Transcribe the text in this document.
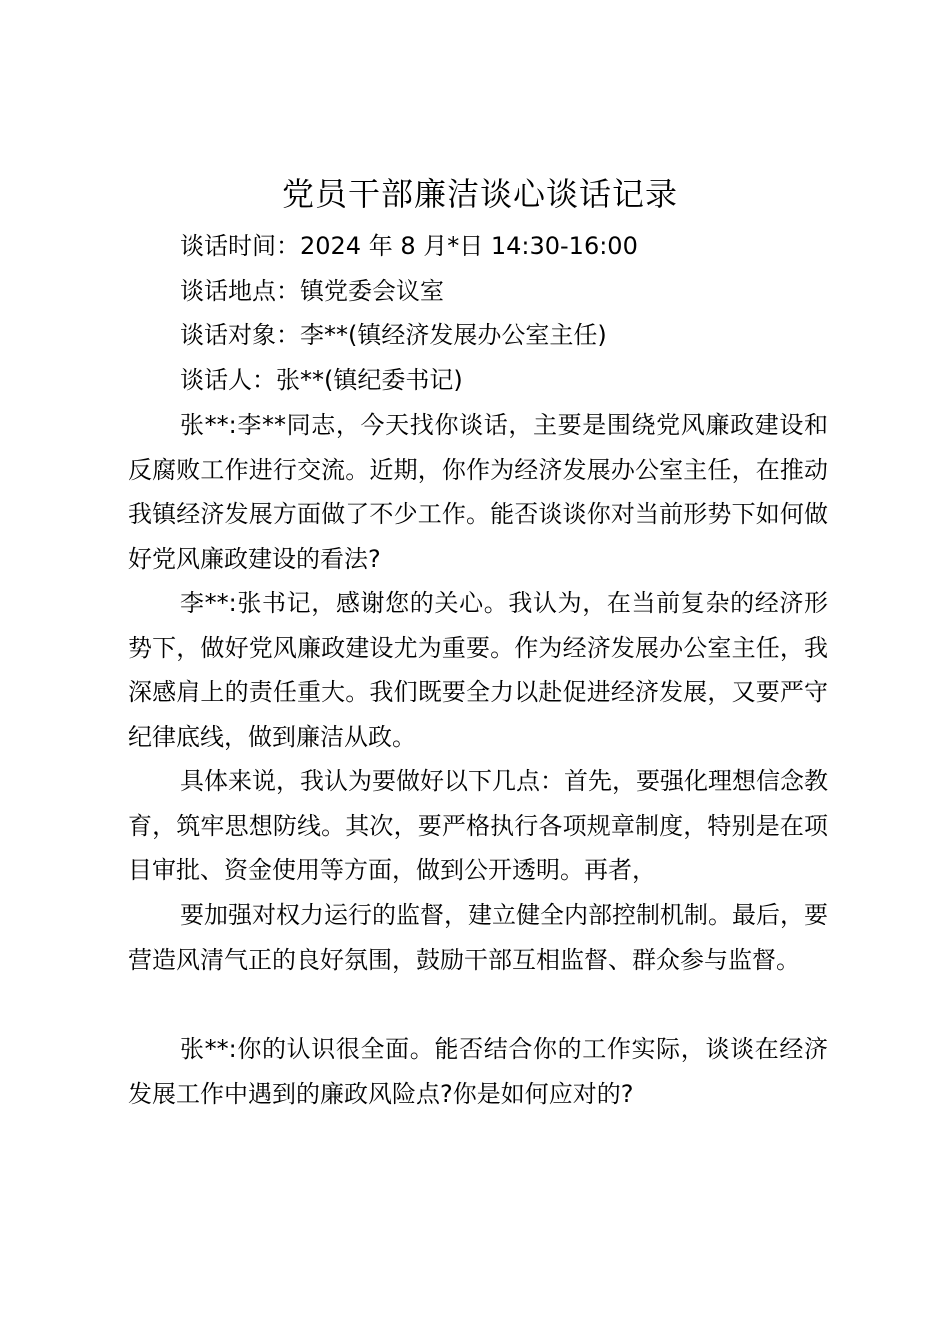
党员干部廉洁谈心谈话记录
谈话时间：2024 年 8 月*日 14:30-16:00
谈话地点：镇党委会议室
谈话对象：李**(镇经济发展办公室主任)
谈话人：张**(镇纪委书记)

张**:李**同志，今天找你谈话，主要是围绕党风廉政建设和反腐败工作进行交流。近期，你作为经济发展办公室主任，在推动我镇经济发展方面做了不少工作。能否谈谈你对当前形势下如何做好党风廉政建设的看法?

李**:张书记，感谢您的关心。我认为，在当前复杂的经济形势下，做好党风廉政建设尤为重要。作为经济发展办公室主任，我深感肩上的责任重大。我们既要全力以赴促进经济发展，又要严守纪律底线，做到廉洁从政。

具体来说，我认为要做好以下几点：首先，要强化理想信念教育，筑牢思想防线。其次，要严格执行各项规章制度，特别是在项目审批、资金使用等方面，做到公开透明。再者，

要加强对权力运行的监督，建立健全内部控制机制。最后，要营造风清气正的良好氛围，鼓励干部互相监督、群众参与监督。

张**:你的认识很全面。能否结合你的工作实际，谈谈在经济发展工作中遇到的廉政风险点?你是如何应对的?
